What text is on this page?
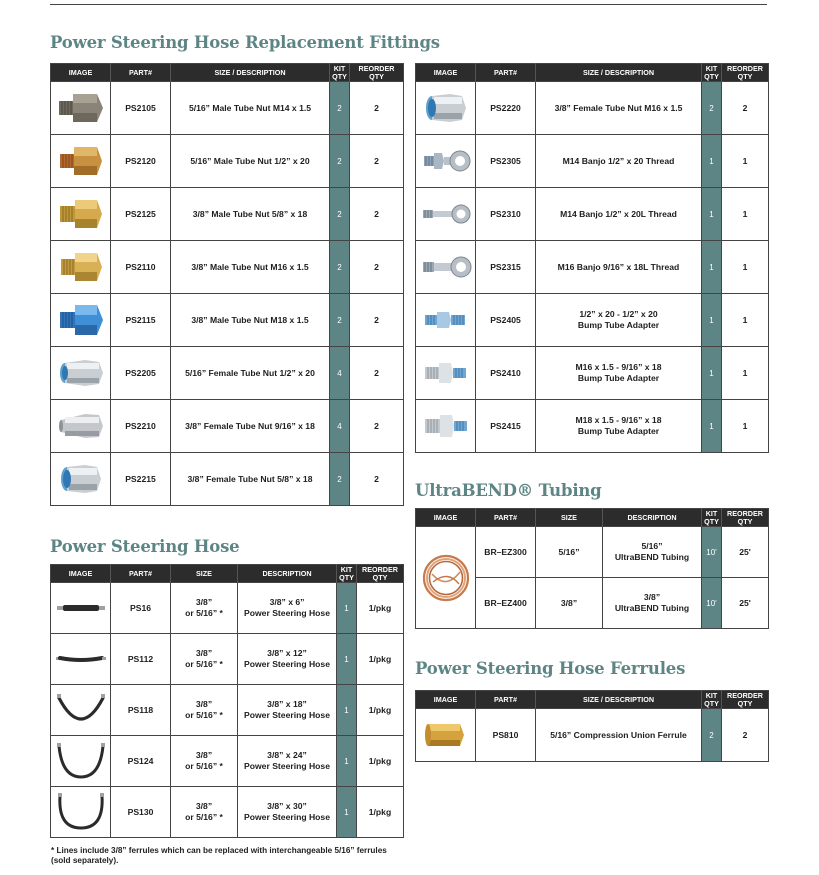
Power Steering Hose Replacement Fittings
IMAGE	PART#	SIZE / DESCRIPTION	KIT QTY	REORDER QTY

	PS2105	5/16” Male Tube Nut M14 x 1.5	2	2

	PS2120	5/16” Male Tube Nut 1/2” x 20	2	2

	PS2125	3/8” Male Tube Nut 5/8” x 18	2	2

	PS2110	3/8” Male Tube Nut M16 x 1.5	2	2

	PS2115	3/8” Male Tube Nut M18 x 1.5	2	2

	PS2205	5/16” Female Tube Nut 1/2” x 20	4	2

	PS2210	3/8” Female Tube Nut 9/16” x 18	4	2

	PS2215	3/8” Female Tube Nut 5/8” x 18	2	2
IMAGE	PART#	SIZE / DESCRIPTION	KIT QTY	REORDER QTY

	PS2220	3/8” Female Tube Nut M16 x 1.5	2	2

	PS2305	M14 Banjo 1/2” x 20 Thread	1	1

	PS2310	M14 Banjo 1/2” x 20L Thread	1	1

	PS2315	M16 Banjo 9/16” x 18L Thread	1	1

	PS2405	1/2” x 20 - 1/2” x 20
Bump Tube Adapter	1	1

	PS2410	M16 x 1.5 - 9/16” x 18
Bump Tube Adapter	1	1

	PS2415	M18 x 1.5 - 9/16” x 18
Bump Tube Adapter	1	1
UltraBEND® Tubing
IMAGE	PART#	SIZE	DESCRIPTION	KIT QTY	REORDER QTY

	BR–EZ300	5/16”	5/16”
UltraBEND Tubing	10'	25'
	BR–EZ400	3/8”	3/8”
UltraBEND Tubing	10'	25'
Power Steering Hose Ferrules
IMAGE	PART#	SIZE / DESCRIPTION	KIT QTY	REORDER QTY

	PS810	5/16” Compression Union Ferrule	2	2
Power Steering Hose
IMAGE	PART#	SIZE	DESCRIPTION	KIT QTY	REORDER QTY

	PS16	3/8”
or 5/16” *	3/8” x 6”
Power Steering Hose	1	1/pkg

	PS112	3/8”
or 5/16” *	3/8” x 12”
Power Steering Hose	1	1/pkg

	PS118	3/8”
or 5/16” *	3/8” x 18”
Power Steering Hose	1	1/pkg

	PS124	3/8”
or 5/16” *	3/8” x 24”
Power Steering Hose	1	1/pkg

	PS130	3/8”
or 5/16” *	3/8” x 30”
Power Steering Hose	1	1/pkg
* Lines include 3/8” ferrules which can be replaced with interchangeable 5/16” ferrules
(sold separately).
